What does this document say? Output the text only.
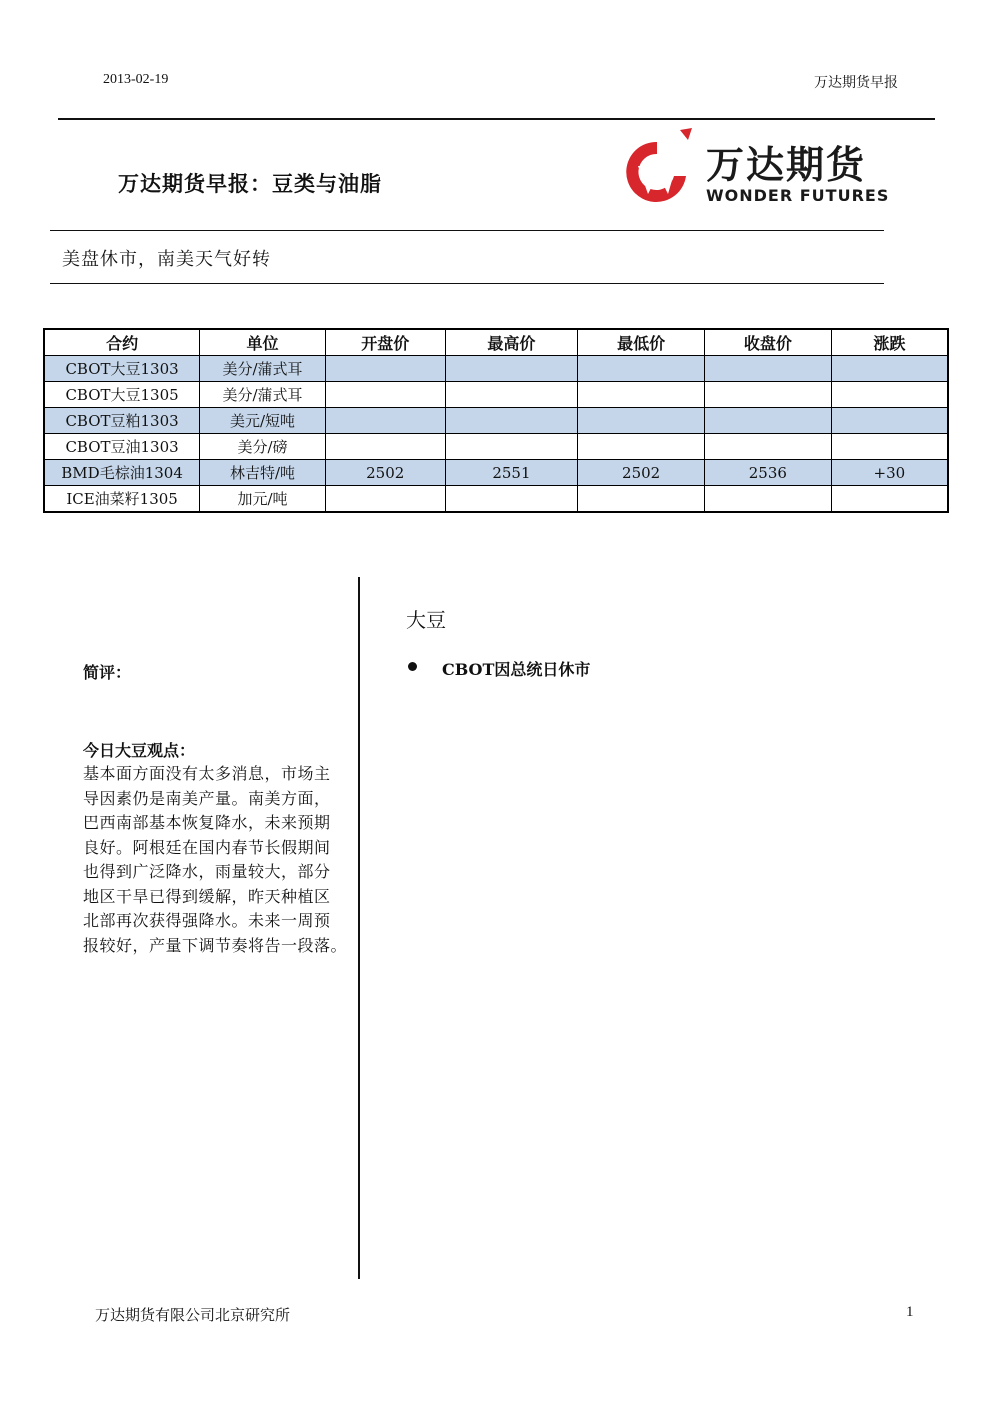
2013-02-19	万达期货早报
万达期货早报：豆类与油脂	万达期货
WONDER FUTURES
美盘休市，南美天气好转
合约	单位	开盘价	最高价	最低价	收盘价	涨跌
CBOT大豆1303	美分/蒲式耳					
CBOT大豆1305	美分/蒲式耳					
CBOT豆粕1303	美元/短吨					
CBOT豆油1303	美分/磅					
BMD毛棕油1304	林吉特/吨	2502	2551	2502	2536	+30
ICE油菜籽1305	加元/吨					
简评：
今日大豆观点：
基本面方面没有太多消息，市场主
导因素仍是南美产量。南美方面，
巴西南部基本恢复降水，未来预期
良好。阿根廷在国内春节长假期间
也得到广泛降水，雨量较大，部分
地区干旱已得到缓解，昨天种植区
北部再次获得强降水。未来一周预
报较好，产量下调节奏将告一段落。
大豆
CBOT因总统日休市
万达期货有限公司北京研究所	1
